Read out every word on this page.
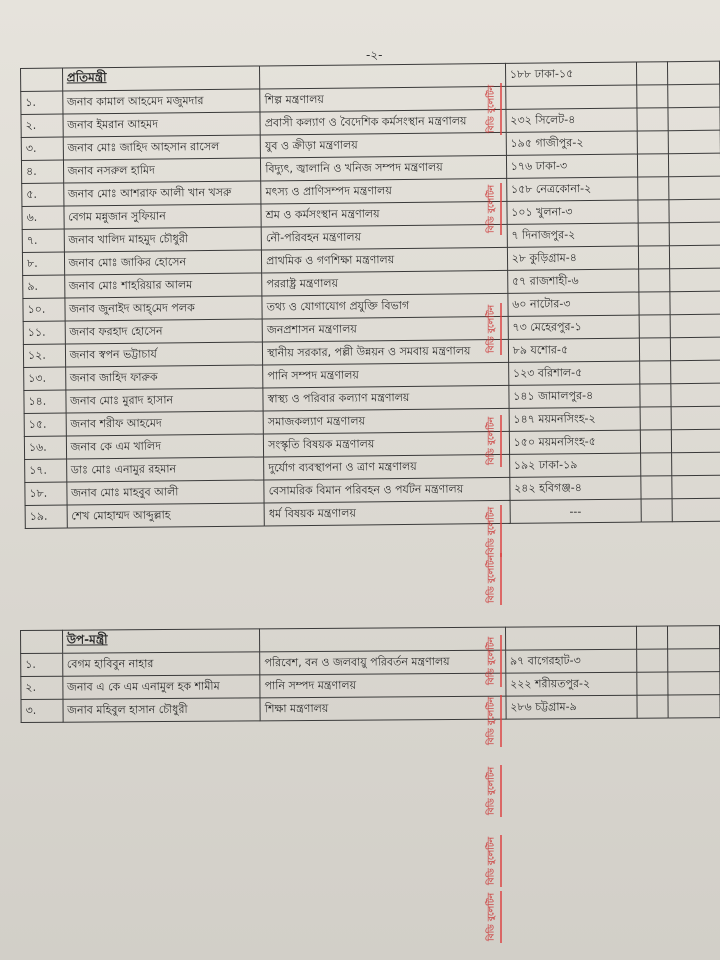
-২-
	প্রতিমন্ত্রী		১৮৮ ঢাকা-১৫		
১.	জনাব কামাল আহমেদ মজুমদার	শিল্প মন্ত্রণালয়			
২.	জনাব ইমরান আহমদ	প্রবাসী কল্যাণ ও বৈদেশিক কর্মসংস্থান মন্ত্রণালয়	২৩২ সিলেট-৪		
৩.	জনাব মোঃ জাহিদ আহসান রাসেল	যুব ও ক্রীড়া মন্ত্রণালয়	১৯৫ গাজীপুর-২		
৪.	জনাব নসরুল হামিদ	বিদ্যুৎ, জ্বালানি ও খনিজ সম্পদ মন্ত্রণালয়	১৭৬ ঢাকা-৩		
৫.	জনাব মোঃ আশরাফ আলী খান খসরু	মৎস্য ও প্রাণিসম্পদ মন্ত্রণালয়	১৫৮ নেত্রকোনা-২		
৬.	বেগম মন্নুজান সুফিয়ান	শ্রম ও কর্মসংস্থান মন্ত্রণালয়	১০১ খুলনা-৩		
৭.	জনাব খালিদ মাহমুদ চৌধুরী	নৌ-পরিবহন মন্ত্রণালয়	৭ দিনাজপুর-২		
৮.	জনাব মোঃ জাকির হোসেন	প্রাথমিক ও গণশিক্ষা মন্ত্রণালয়	২৮ কুড়িগ্রাম-৪		
৯.	জনাব মোঃ শাহরিয়ার আলম	পররাষ্ট্র মন্ত্রণালয়	৫৭ রাজশাহী-৬		
১০.	জনাব জুনাইদ আহ্‌মেদ পলক	তথ্য ও যোগাযোগ প্রযুক্তি বিভাগ	৬০ নাটোর-৩		
১১.	জনাব ফরহাদ হোসেন	জনপ্রশাসন মন্ত্রণালয়	৭৩ মেহেরপুর-১		
১২.	জনাব স্বপন ভট্টাচার্য	স্থানীয় সরকার, পল্লী উন্নয়ন ও সমবায় মন্ত্রণালয়	৮৯ যশোর-৫		
১৩.	জনাব জাহিদ ফারুক	পানি সম্পদ মন্ত্রণালয়	১২৩ বরিশাল-৫		
১৪.	জনাব মোঃ মুরাদ হাসান	স্বাস্থ্য ও পরিবার কল্যাণ মন্ত্রণালয়	১৪১ জামালপুর-৪		
১৫.	জনাব শরীফ আহমেদ	সমাজকল্যাণ মন্ত্রণালয়	১৪৭ ময়মনসিংহ-২		
১৬.	জনাব কে এম খালিদ	সংস্কৃতি বিষয়ক মন্ত্রণালয়	১৫০ ময়মনসিংহ-৫		
১৭.	ডাঃ মোঃ এনামুর রহমান	দুর্যোগ ব্যবস্থাপনা ও ত্রাণ মন্ত্রণালয়	১৯২ ঢাকা-১৯		
১৮.	জনাব মোঃ মাহবুব আলী	বেসামরিক বিমান পরিবহন ও পর্যটন মন্ত্রণালয়	২৪২ হবিগঞ্জ-৪		
১৯.	শেখ মোহাম্মদ আব্দুল্লাহ	ধর্ম বিষয়ক মন্ত্রণালয়	---		
	উপ-মন্ত্রী				
১.	বেগম হাবিবুন নাহার	পরিবেশ, বন ও জলবায়ু পরিবর্তন মন্ত্রণালয়	৯৭ বাগেরহাট-৩		
২.	জনাব এ কে এম এনামুল হক শামীম	পানি সম্পদ মন্ত্রণালয়	২২২ শরীয়তপুর-২		
৩.	জনাব মহিবুল হাসান চৌধুরী	শিক্ষা মন্ত্রণালয়	২৮৬ চট্টগ্রাম-৯		
বিডি বুলেটিন
বিডি বুলেটিন
বিডি বুলেটিন
বিডি বুলেটিন
বিডি বুলেটিন
বিডি বুলেটিন
বিডি বুলেটিন
বিডি বুলেটিন
বিডি বুলেটিন
বিডি বুলেটিন
বিডি বুলেটিন
